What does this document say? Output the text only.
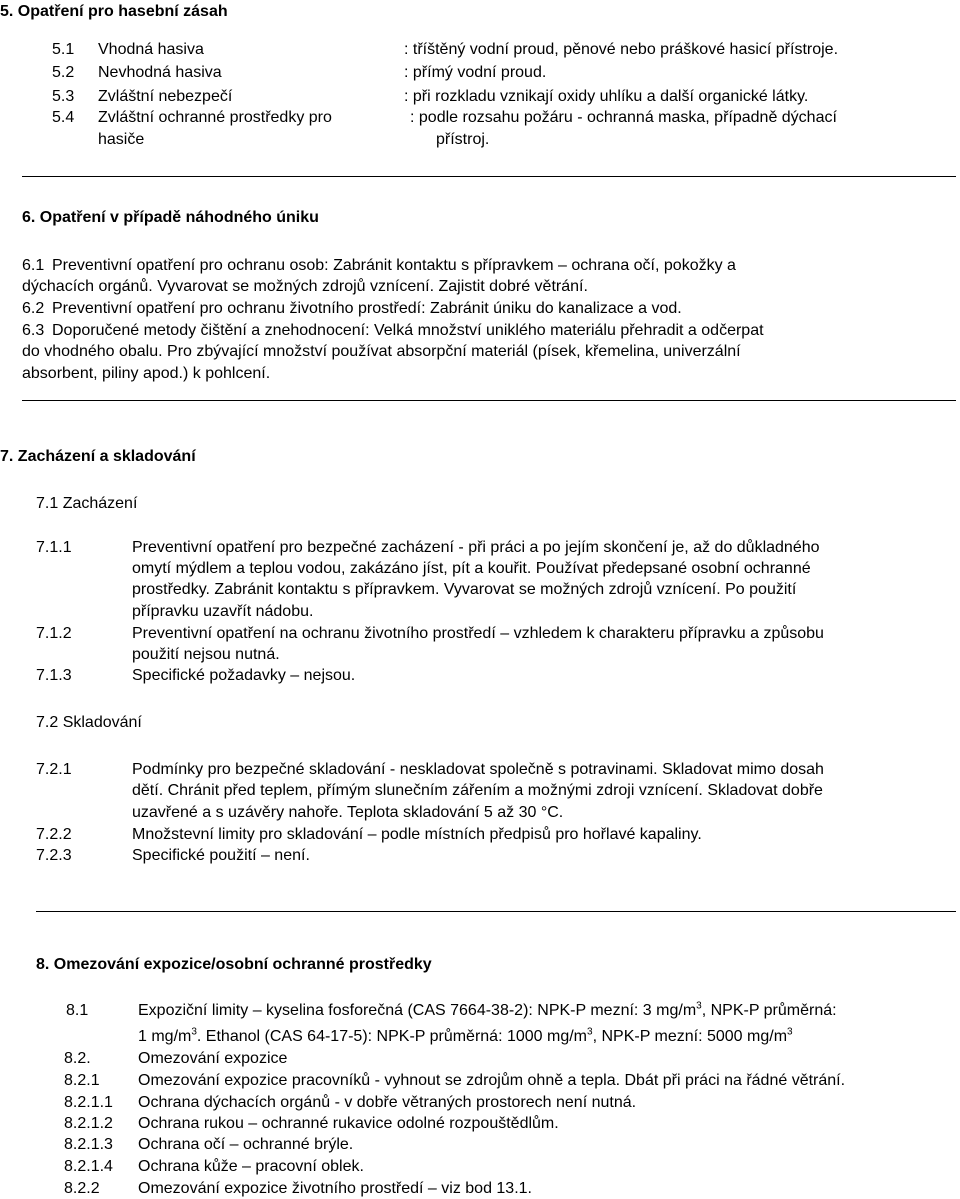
5. Opatření pro hasební zásah
5.1 Vhodná hasiva	: tříštěný vodní proud, pěnové nebo práškové hasicí přístroje.
5.2 Nevhodná hasiva	: přímý vodní proud.
5.3 Zvláštní nebezpečí	: při rozkladu vznikají oxidy uhlíku a další organické látky.
5.4 Zvláštní ochranné prostředky pro
hasiče
: podle rozsahu požáru - ochranná maska, případně dýchací
přístroj.
6. Opatření v případě náhodného úniku
6.1 Preventivní opatření pro ochranu osob: Zabránit kontaktu s přípravkem – ochrana očí, pokožky a
dýchacích orgánů. Vyvarovat se možných zdrojů vznícení. Zajistit dobré větrání.
6.2 Preventivní opatření pro ochranu životního prostředí: Zabránit úniku do kanalizace a vod.
6.3 Doporučené metody čištění a znehodnocení: Velká množství uniklého materiálu přehradit a odčerpat
do vhodného obalu. Pro zbývající množství používat absorpční materiál (písek, křemelina, univerzální
absorbent, piliny apod.) k pohlcení.
7. Zacházení a skladování
7.1 Zacházení
7.1.1	Preventivní opatření pro bezpečné zacházení - při práci a po jejím skončení je, až do důkladného
omytí mýdlem a teplou vodou, zakázáno jíst, pít a kouřit. Používat předepsané osobní ochranné
prostředky. Zabránit kontaktu s přípravkem. Vyvarovat se možných zdrojů vznícení. Po použití
přípravku uzavřít nádobu.
7.1.2	Preventivní opatření na ochranu životního prostředí – vzhledem k charakteru přípravku a způsobu
použití nejsou nutná.
7.1.3	Specifické požadavky – nejsou.
7.2 Skladování
7.2.1	Podmínky pro bezpečné skladování - neskladovat společně s potravinami. Skladovat mimo dosah
dětí. Chránit před teplem, přímým slunečním zářením a možnými zdroji vznícení. Skladovat dobře
uzavřené a s uzávěry nahoře. Teplota skladování 5 až 30 °C.
7.2.2	Množstevní limity pro skladování – podle místních předpisů pro hořlavé kapaliny.
7.2.3	Specifické použití – není.
8. Omezování expozice/osobní ochranné prostředky
8.1	Expoziční limity – kyselina fosforečná (CAS 7664-38-2): NPK-P mezní: 3 $mg/m^3$, NPK-P průměrná:
1 $mg/m^3$. Ethanol (CAS 64-17-5): NPK-P průměrná: 1000 $mg/m^3$, NPK-P mezní: 5000 $mg/m^3$
8.2.	Omezování expozice
8.2.1 Omezování expozice pracovníků - vyhnout se zdrojům ohně a tepla. Dbát při práci na řádné větrání.
8.2.1.1 Ochrana dýchacích orgánů - v dobře větraných prostorech není nutná.
8.2.1.2 Ochrana rukou – ochranné rukavice odolné rozpouštědlům.
8.2.1.3 Ochrana očí – ochranné brýle.
8.2.1.4 Ochrana kůže – pracovní oblek.
8.2.2 Omezování expozice životního prostředí – viz bod 13.1.
